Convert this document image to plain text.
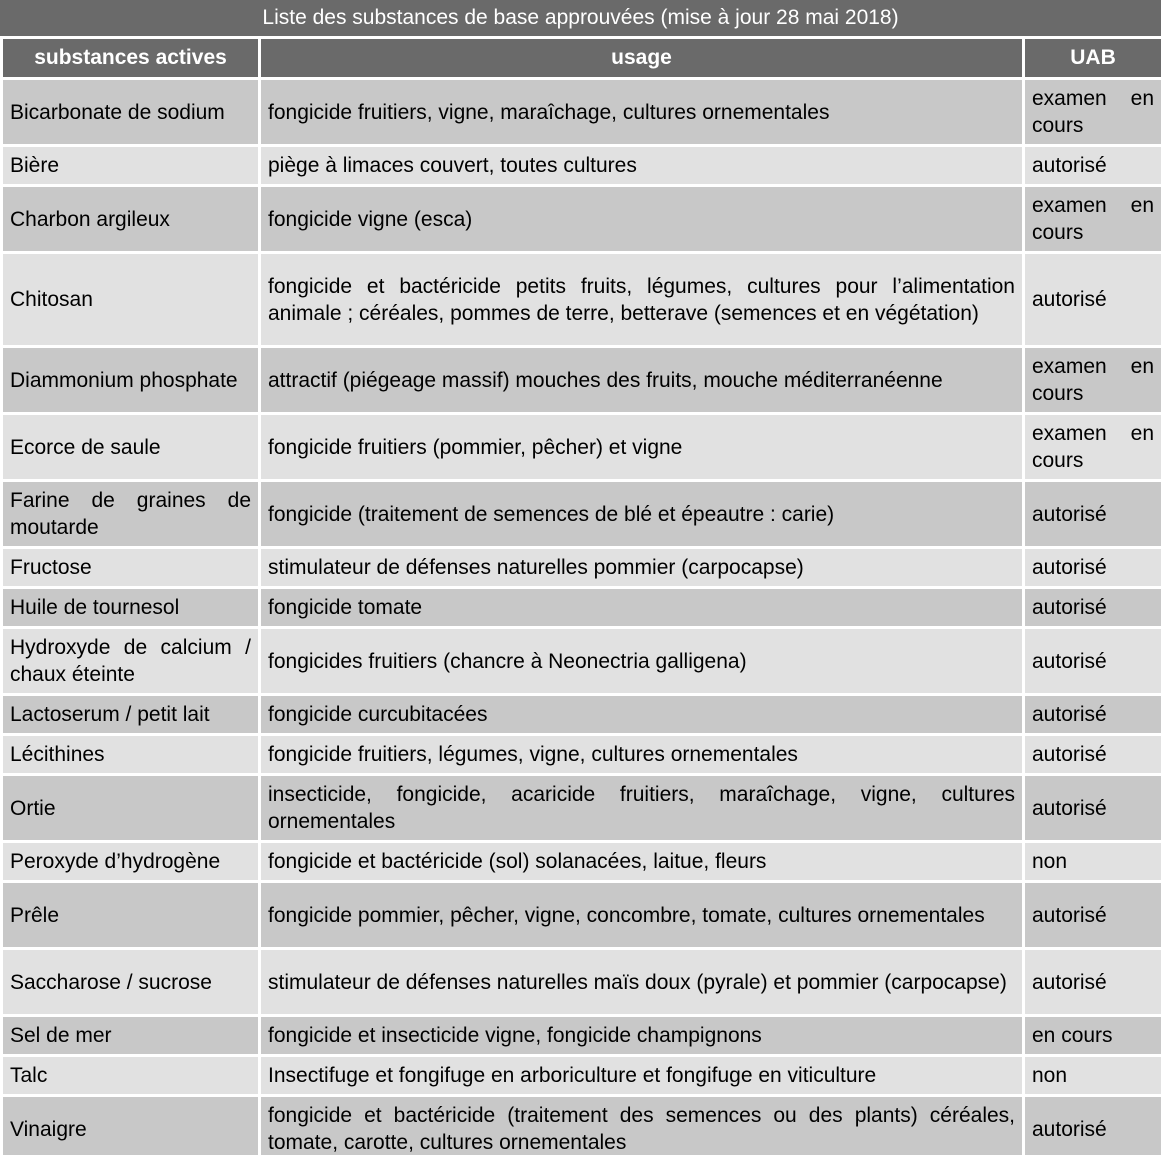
Liste des substances de base approuvées (mise à jour 28 mai 2018)
substances actives	usage	UAB
Bicarbonate de sodium	fongicide fruitiers, vigne, maraîchage, cultures ornementales	examen en cours
Bière	piège à limaces couvert, toutes cultures	autorisé
Charbon argileux	fongicide vigne (esca)	examen en cours
Chitosan	fongicide et bactéricide petits fruits, légumes, cultures pour l’alimentation animale ; céréales, pommes de terre, betterave (semences et en végétation)	autorisé
Diammonium phosphate	attractif (piégeage massif) mouches des fruits, mouche méditerranéenne	examen en cours
Ecorce de saule	fongicide fruitiers (pommier, pêcher) et vigne	examen en cours
Farine de graines de moutarde	fongicide (traitement de semences de blé et épeautre : carie)	autorisé
Fructose	stimulateur de défenses naturelles pommier (carpocapse)	autorisé
Huile de tournesol	fongicide tomate	autorisé
Hydroxyde de calcium / chaux éteinte	fongicides fruitiers (chancre à Neonectria galligena)	autorisé
Lactoserum / petit lait	fongicide curcubitacées	autorisé
Lécithines	fongicide fruitiers, légumes, vigne, cultures ornementales	autorisé
Ortie	insecticide, fongicide, acaricide fruitiers, maraîchage, vigne, cultures ornementales	autorisé
Peroxyde d’hydrogène	fongicide et bactéricide (sol) solanacées, laitue, fleurs	non
Prêle	fongicide pommier, pêcher, vigne, concombre, tomate, cultures ornementales	autorisé
Saccharose / sucrose	stimulateur de défenses naturelles maïs doux (pyrale) et pommier (carpocapse)	autorisé
Sel de mer	fongicide et insecticide vigne, fongicide champignons	en cours
Talc	Insectifuge et fongifuge en arboriculture et fongifuge en viticulture	non
Vinaigre	fongicide et bactéricide (traitement des semences ou des plants) céréales, tomate, carotte, cultures ornementales	autorisé
